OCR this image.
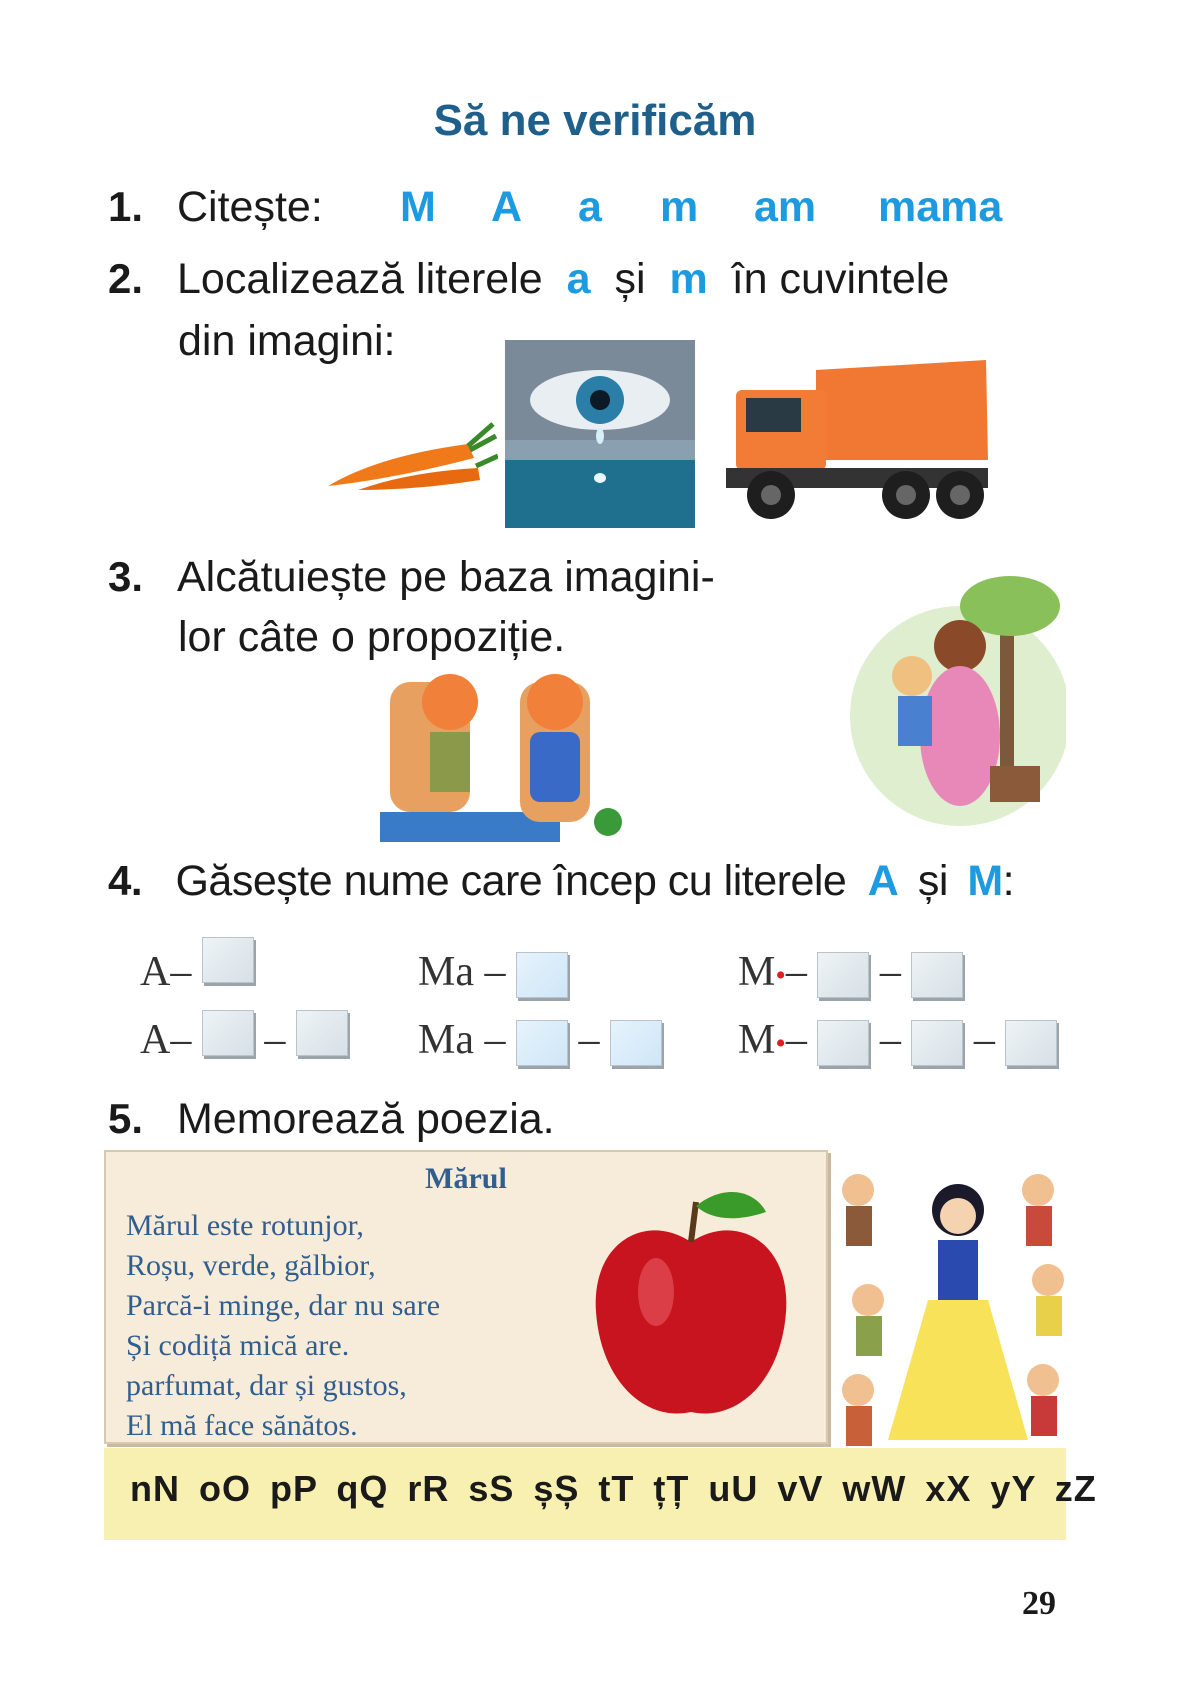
Să ne verificăm
1. Citește: M A a m am mama
2. Localizează literele a și m în cuvintele
din imagini:
3. Alcătuiește pe baza imagini-
lor câte o propoziție.
4. Găsește nume care încep cu literele A și M:
A–	Ma –	M•–  –
A–  –	Ma –  –	M•–  –  –
5. Memorează poezia.
Mărul
Mărul este rotunjor,
Roșu, verde, gălbior,
Parcă-i minge, dar nu sare
Și codiță mică are.
parfumat, dar și gustos,
El mă face sănătos.
nN oO pP qQ rR sS șȘ tT țȚ uU vV wW xX yY zZ
29
